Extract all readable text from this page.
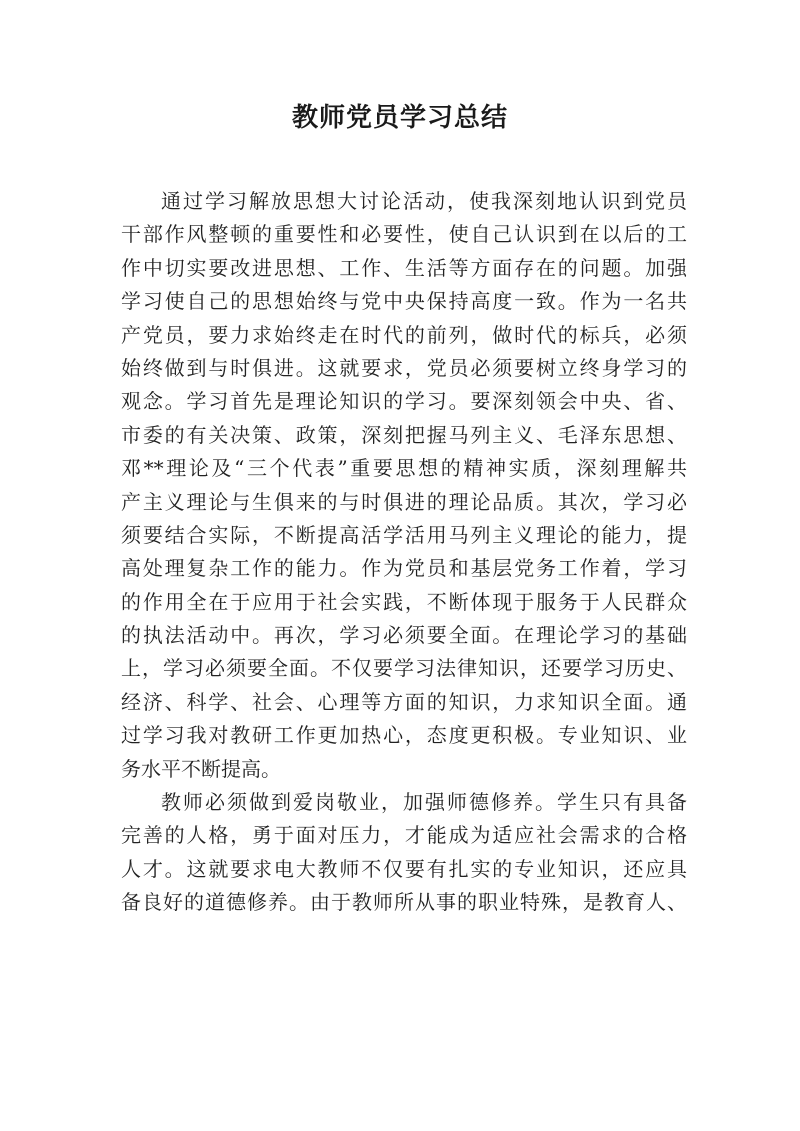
教师党员学习总结
通过学习解放思想大讨论活动，使我深刻地认识到党员
干部作风整顿的重要性和必要性，使自己认识到在以后的工
作中切实要改进思想、工作、生活等方面存在的问题。加强
学习使自己的思想始终与党中央保持高度一致。作为一名共
产党员，要力求始终走在时代的前列，做时代的标兵，必须
始终做到与时俱进。这就要求，党员必须要树立终身学习的
观念。学习首先是理论知识的学习。要深刻领会中央、省、
市委的有关决策、政策，深刻把握马列主义、毛泽东思想、
邓**理论及“三个代表”重要思想的精神实质，深刻理解共
产主义理论与生俱来的与时俱进的理论品质。其次，学习必
须要结合实际，不断提高活学活用马列主义理论的能力，提
高处理复杂工作的能力。作为党员和基层党务工作着，学习
的作用全在于应用于社会实践，不断体现于服务于人民群众
的执法活动中。再次，学习必须要全面。在理论学习的基础
上，学习必须要全面。不仅要学习法律知识，还要学习历史、
经济、科学、社会、心理等方面的知识，力求知识全面。通
过学习我对教研工作更加热心，态度更积极。专业知识、业
务水平不断提高。
教师必须做到爱岗敬业，加强师德修养。学生只有具备
完善的人格，勇于面对压力，才能成为适应社会需求的合格
人才。这就要求电大教师不仅要有扎实的专业知识，还应具
备良好的道德修养。由于教师所从事的职业特殊，是教育人、
